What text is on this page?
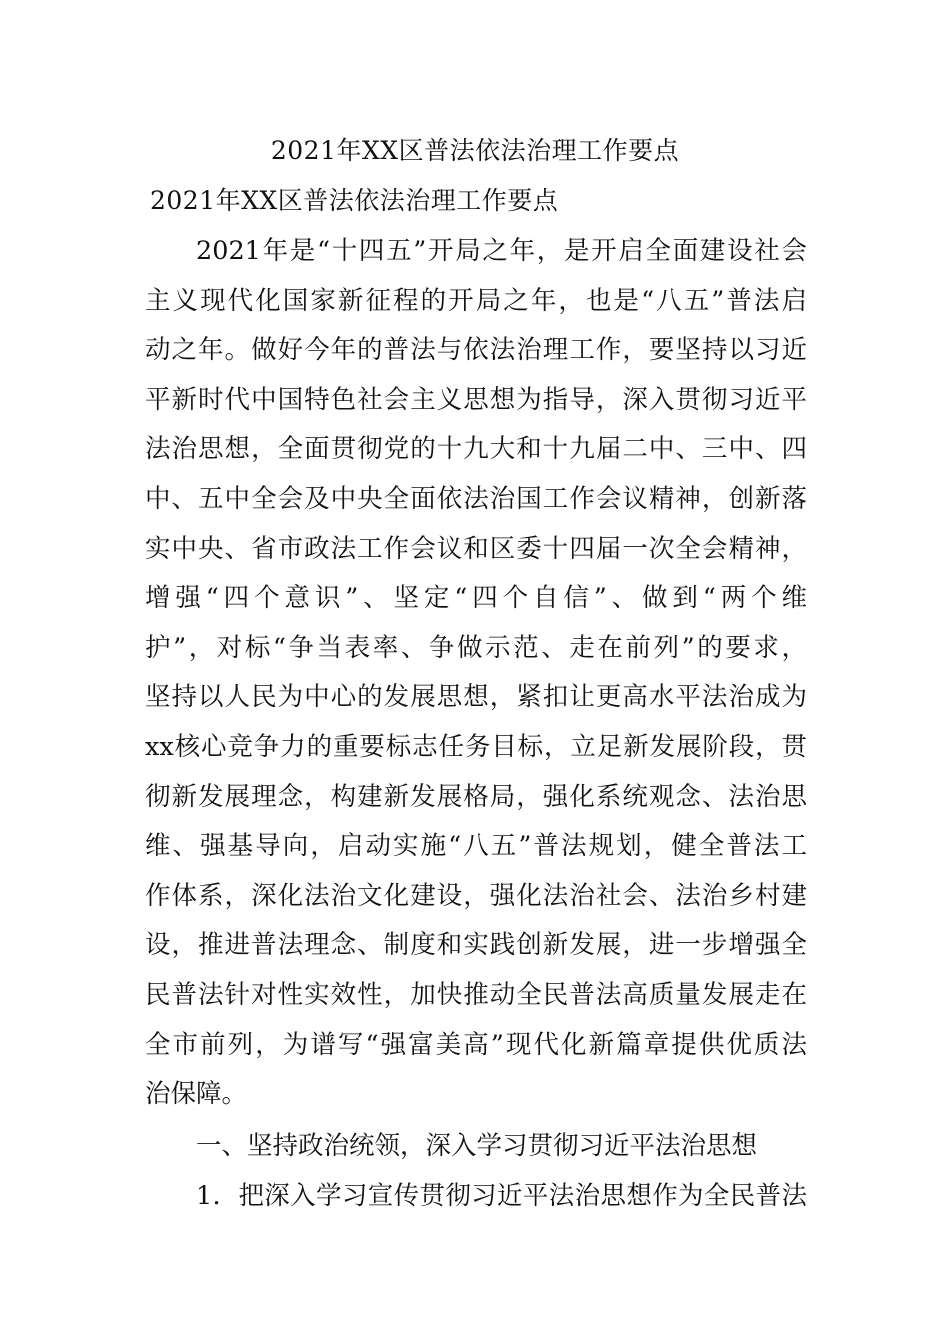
2021年XX区普法依法治理工作要点
2021年XX区普法依法治理工作要点
2021年是“十四五”开局之年，是开启全面建设社会
主义现代化国家新征程的开局之年，也是“八五”普法启
动之年。做好今年的普法与依法治理工作，要坚持以习近
平新时代中国特色社会主义思想为指导，深入贯彻习近平
法治思想，全面贯彻党的十九大和十九届二中、三中、四
中、五中全会及中央全面依法治国工作会议精神，创新落
实中央、省市政法工作会议和区委十四届一次全会精神，
增强“四个意识”、坚定“四个自信”、做到“两个维
护”，对标“争当表率、争做示范、走在前列”的要求，
坚持以人民为中心的发展思想，紧扣让更高水平法治成为
xx核心竞争力的重要标志任务目标，立足新发展阶段，贯
彻新发展理念，构建新发展格局，强化系统观念、法治思
维、强基导向，启动实施“八五”普法规划，健全普法工
作体系，深化法治文化建设，强化法治社会、法治乡村建
设，推进普法理念、制度和实践创新发展，进一步增强全
民普法针对性实效性，加快推动全民普法高质量发展走在
全市前列，为谱写“强富美高”现代化新篇章提供优质法
治保障。
一、坚持政治统领，深入学习贯彻习近平法治思想
1．把深入学习宣传贯彻习近平法治思想作为全民普法
